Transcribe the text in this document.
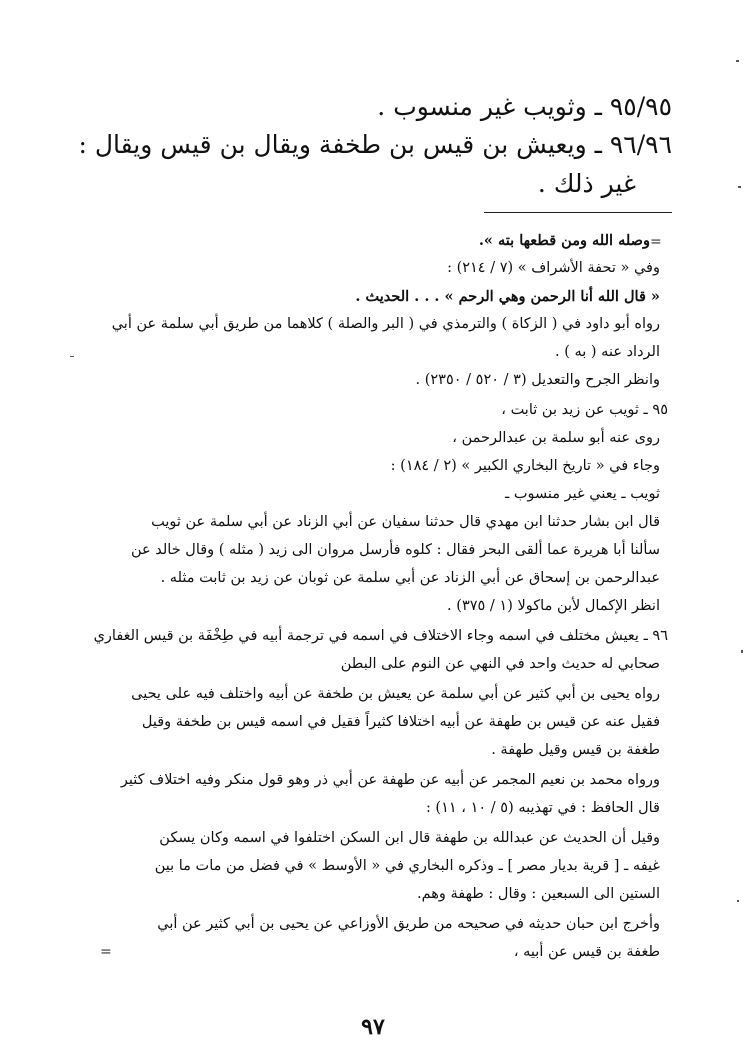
٩٥/٩٥ ـ وثويب غير منسوب .
٩٦/٩٦ ـ ويعيش بن قيس بن طخفة ويقال بن قيس ويقال :
غير ذلك .
=
وصله الله ومن قطعها بته ».
وفي « تحفة الأشراف » (٧ / ٢١٤) :
« قال الله أنا الرحمن وهي الرحم » . . . الحديث .
رواه أبو داود في ( الزكاة ) والترمذي في ( البر والصلة ) كلاهما من طريق أبي سلمة عن أبي
الرداد عنه ( به ) .
وانظر الجرح والتعديل (٣ / ٥٢٠ / ٢٣٥٠) .
٩٥ ـ ثويب عن زيد بن ثابت ،
روى عنه أبو سلمة بن عبدالرحمن ،
وجاء في « تاريخ البخاري الكبير » (٢ / ١٨٤) :
ثويب ـ يعني غير منسوب ـ
قال ابن بشار حدثنا ابن مهدي قال حدثنا سفيان عن أبي الزناد عن أبي سلمة عن ثويب
سألنا أبا هريرة عما ألقى البحر فقال : كلوه فأرسل مروان الى زيد ( مثله ) وقال خالد عن
عبدالرحمن بن إسحاق عن أبي الزناد عن أبي سلمة عن ثوبان عن زيد بن ثابت مثله .
انظر الإكمال لأبن ماكولا (١ / ٣٧٥) .
٩٦ ـ يعيش مختلف في اسمه وجاء الاختلاف في اسمه في ترجمة أبيه في طِخْفَة بن قيس الغفاري
صحابي له حديث واحد في النهي عن النوم على البطن
رواه يحيى بن أبي كثير عن أبي سلمة عن يعيش بن طخفة عن أبيه واختلف فيه على يحيى
فقيل عنه عن قيس بن طهفة عن أبيه اختلافا كثيراً فقيل في اسمه قيس بن طخفة وقيل
طغفة بن قيس وقيل طهفة .
ورواه محمد بن نعيم المجمر عن أبيه عن طهفة عن أبي ذر وهو قول منكر وفيه اختلاف كثير
قال الحافظ : في تهذيبه (٥ / ١٠ ، ١١) :
وقيل أن الحديث عن عبدالله بن طهفة قال ابن السكن اختلفوا في اسمه وكان يسكن
غيفه ـ [ قرية بديار مصر ] ـ وذكره البخاري في « الأوسط » في فضل من مات ما بين
الستين الى السبعين : وقال : طهفة وهم.
وأخرج ابن حبان حديثه في صحيحه من طريق الأوزاعي عن يحيى بن أبي كثير عن أبي
طغفة بن قيس عن أبيه ،
=
٩٧
